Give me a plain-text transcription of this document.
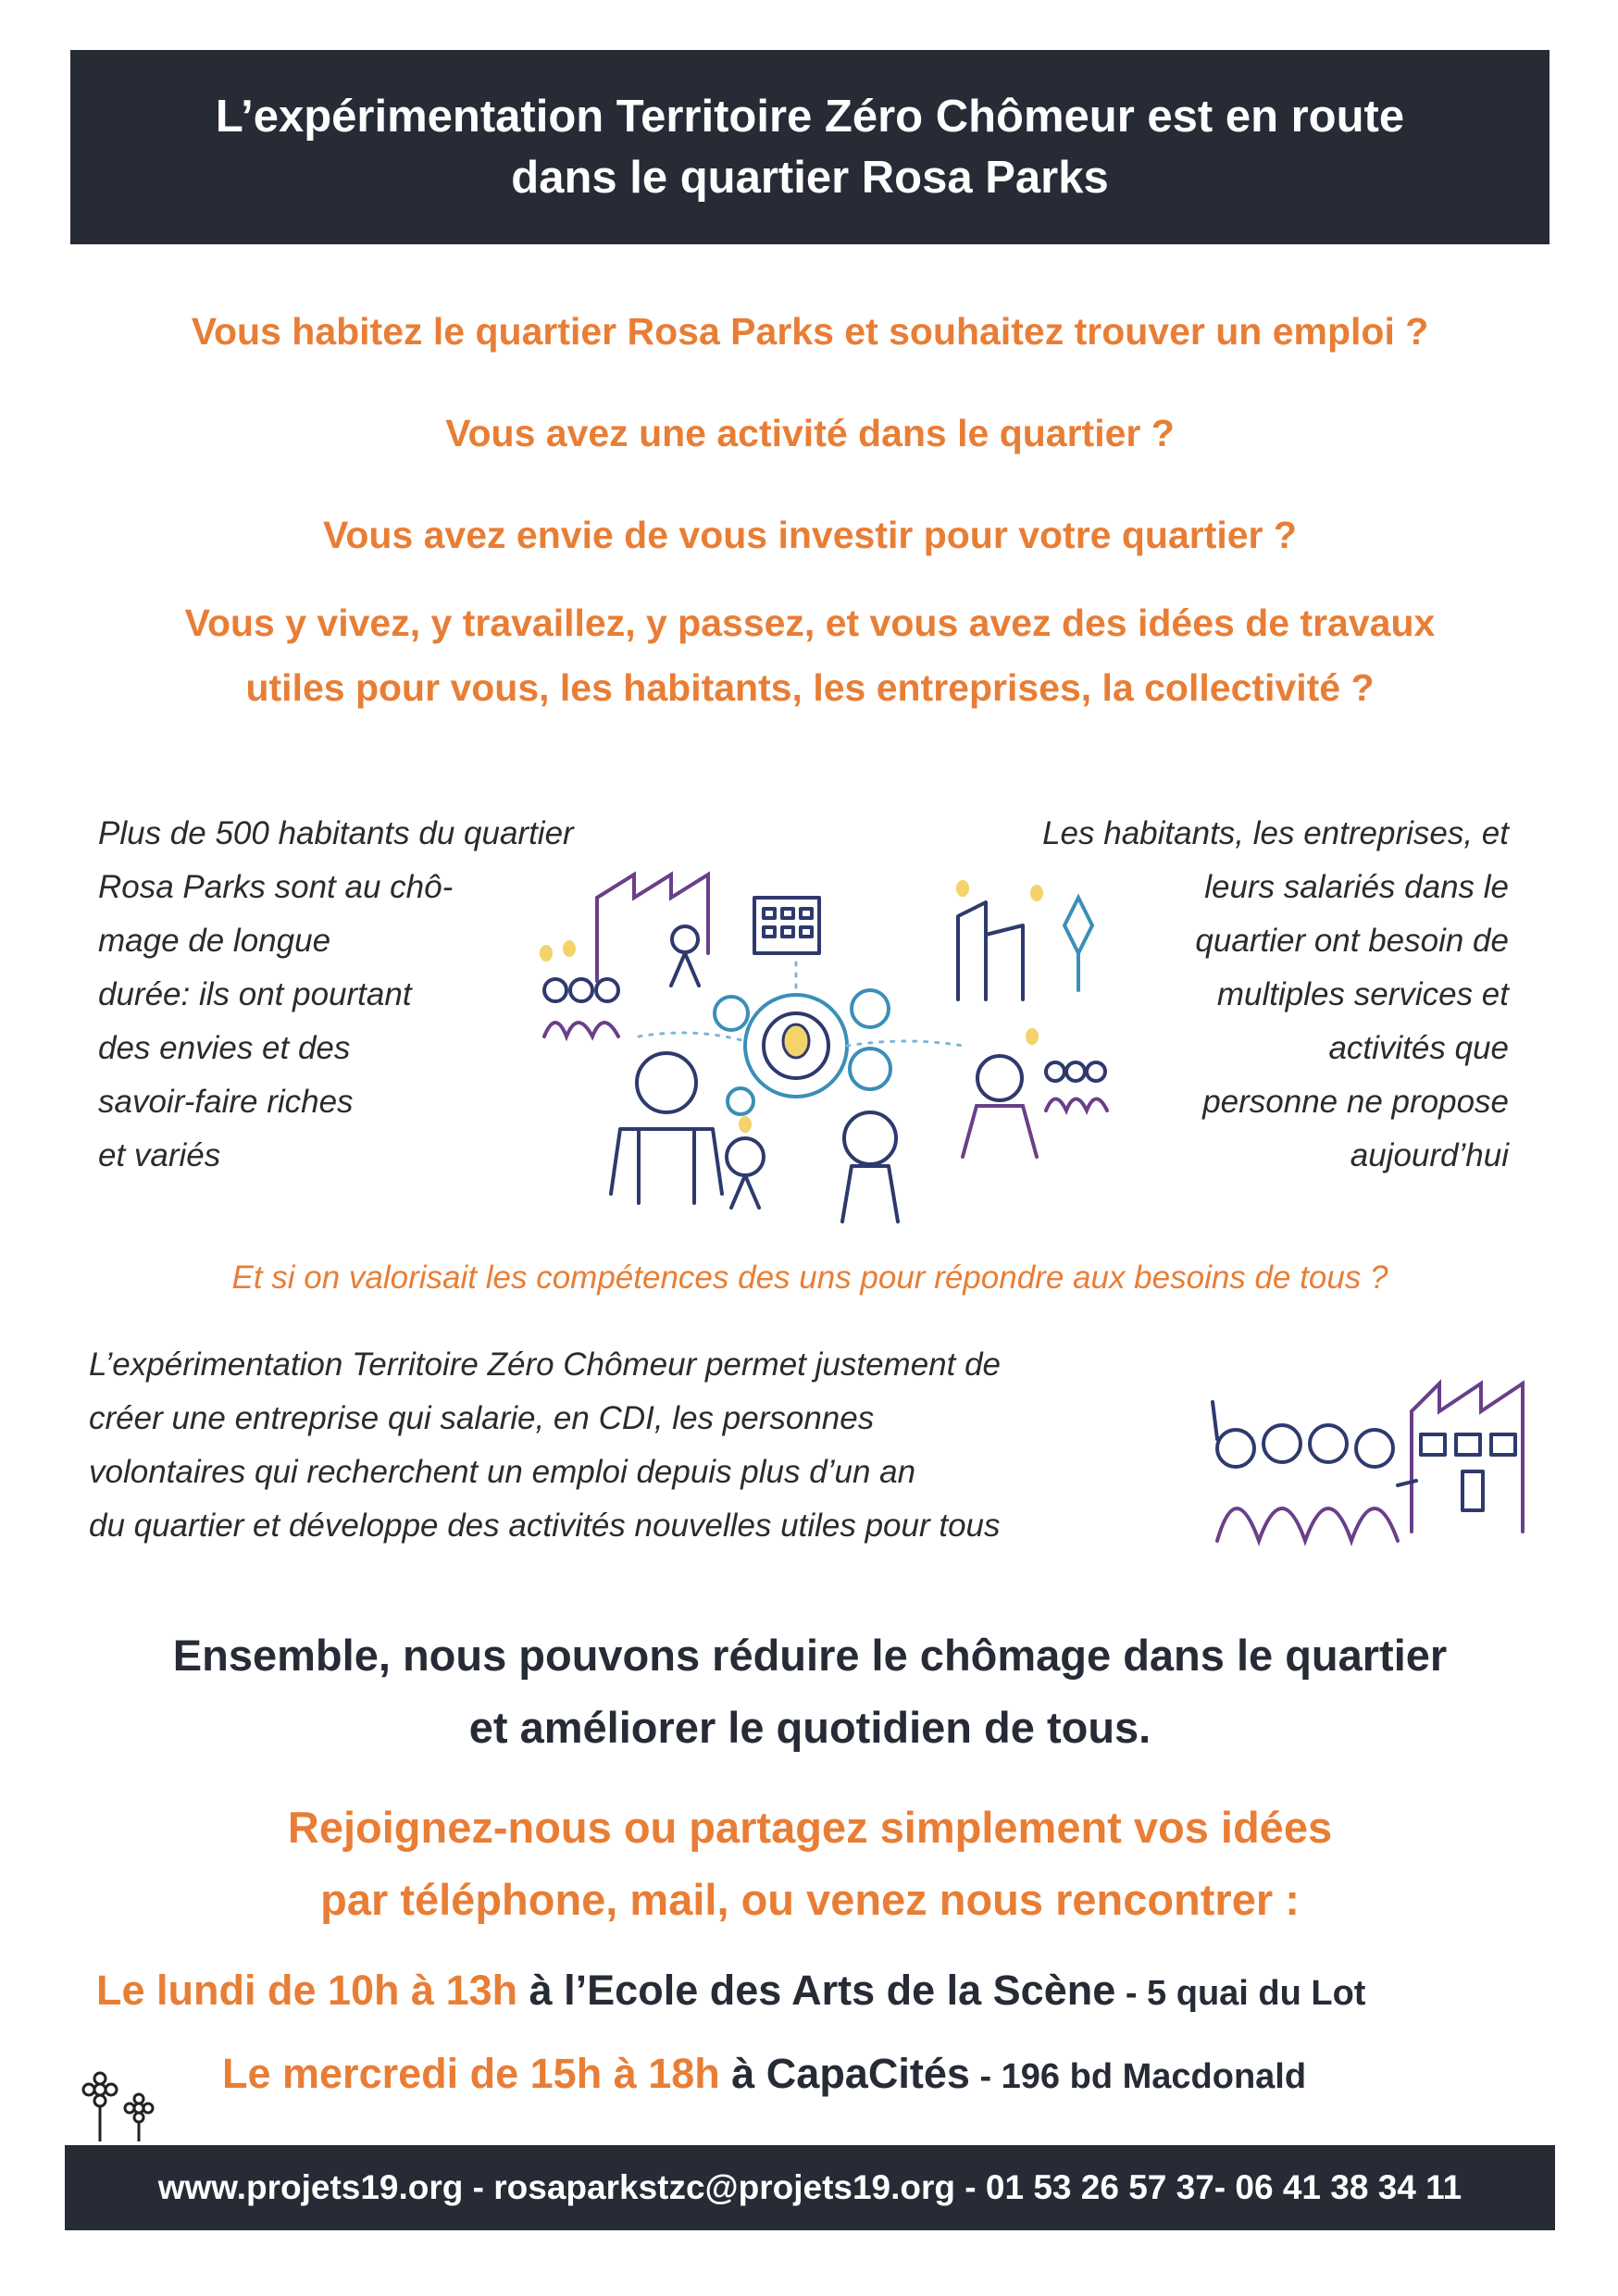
L’expérimentation Territoire Zéro Chômeur est en route
dans le quartier Rosa Parks
Vous habitez le quartier Rosa Parks et souhaitez trouver un emploi ?
Vous avez une activité dans le quartier ?
Vous avez envie de vous investir pour votre quartier ?
Vous y vivez, y travaillez, y passez, et vous avez des idées de travaux
utiles pour vous, les habitants, les entreprises, la collectivité ?
Plus de 500 habitants du quartier
Rosa Parks sont au chô-
mage de longue
durée: ils ont pourtant
des envies et des
savoir-faire riches
et variés
Les habitants, les entreprises, et
leurs salariés dans le
quartier ont besoin de
multiples services et
activités que
personne ne propose
aujourd’hui
Et si on valorisait les compétences des uns pour répondre aux besoins de tous ?
L’expérimentation Territoire Zéro Chômeur permet justement de
créer une entreprise qui salarie, en CDI, les personnes
volontaires qui recherchent un emploi depuis plus d’un an
du quartier et développe des activités nouvelles utiles pour tous
Ensemble, nous pouvons réduire le chômage dans le quartier
et améliorer le quotidien de tous.
Rejoignez-nous ou partagez simplement vos idées
par téléphone, mail, ou venez nous rencontrer :
Le lundi de 10h à 13h à l’Ecole des Arts de la Scène - 5 quai du Lot
Le mercredi de 15h à 18h à CapaCités - 196 bd Macdonald
www.projets19.org - rosaparkstzc@projets19.org - 01 53 26 57 37- 06 41 38 34 11
